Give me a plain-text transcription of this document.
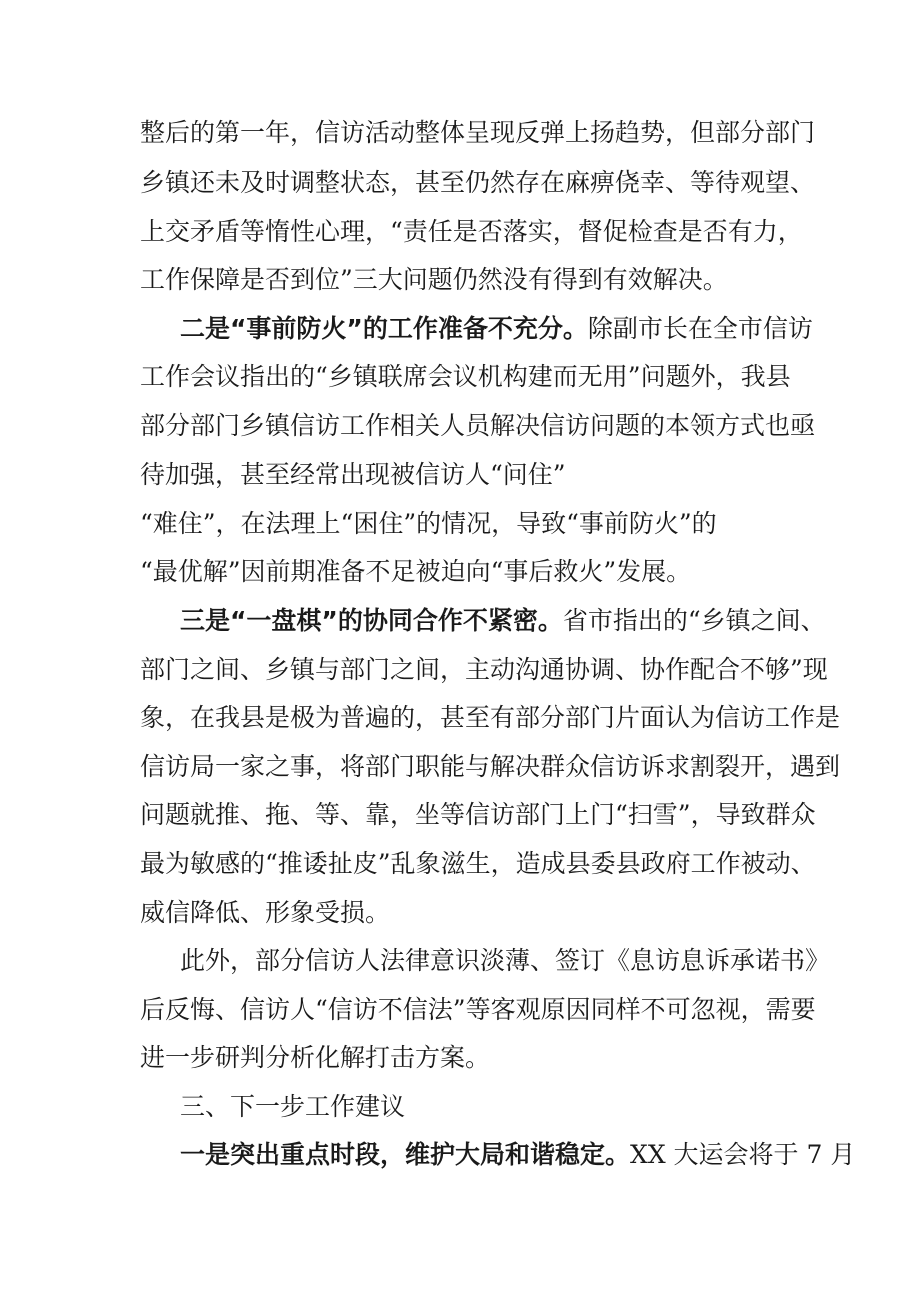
整后的第一年，信访活动整体呈现反弹上扬趋势，但部分部门
乡镇还未及时调整状态，甚至仍然存在麻痹侥幸、等待观望、
上交矛盾等惰性心理，“责任是否落实，督促检查是否有力，
工作保障是否到位”三大问题仍然没有得到有效解决。
二是“事前防火”的工作准备不充分。除副市长在全市信访
工作会议指出的“乡镇联席会议机构建而无用”问题外，我县
部分部门乡镇信访工作相关人员解决信访问题的本领方式也亟
待加强，甚至经常出现被信访人“问住”
“难住”，在法理上“困住”的情况，导致“事前防火”的
“最优解”因前期准备不足被迫向“事后救火”发展。
三是“一盘棋”的协同合作不紧密。省市指出的“乡镇之间、
部门之间、乡镇与部门之间，主动沟通协调、协作配合不够”现
象，在我县是极为普遍的，甚至有部分部门片面认为信访工作是
信访局一家之事，将部门职能与解决群众信访诉求割裂开，遇到
问题就推、拖、等、靠，坐等信访部门上门“扫雪”，导致群众
最为敏感的“推诿扯皮”乱象滋生，造成县委县政府工作被动、
威信降低、形象受损。
此外，部分信访人法律意识淡薄、签订《息访息诉承诺书》
后反悔、信访人“信访不信法”等客观原因同样不可忽视，需要
进一步研判分析化解打击方案。
三、下一步工作建议
一是突出重点时段，维护大局和谐稳定。XX 大运会将于 7 月
